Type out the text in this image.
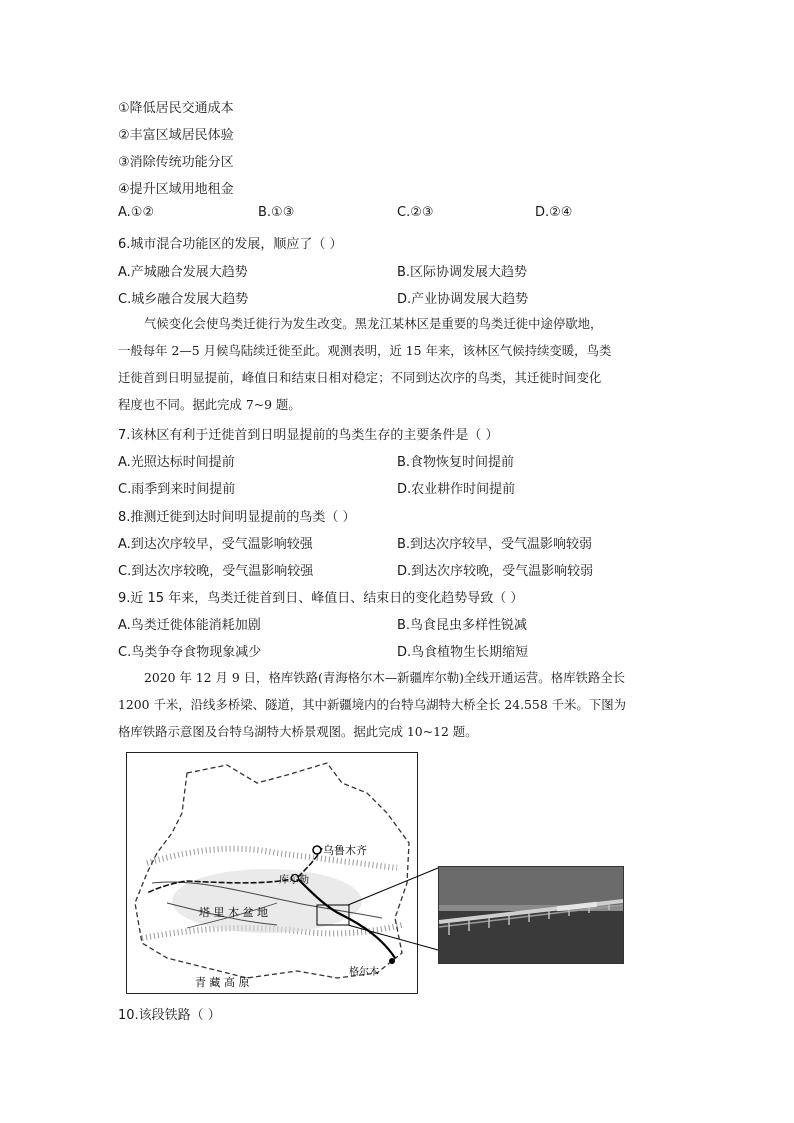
①降低居民交通成本
②丰富区域居民体验
③消除传统功能分区
④提升区域用地租金
A.①②	B.①③	C.②③	D.②④
6.城市混合功能区的发展，顺应了（ ）
A.产城融合发展大趋势	B.区际协调发展大趋势
C.城乡融合发展大趋势	D.产业协调发展大趋势
气候变化会使鸟类迁徙行为发生改变。黑龙江某林区是重要的鸟类迁徙中途停歇地，
一般每年 2—5 月候鸟陆续迁徙至此。观测表明，近 15 年来，该林区气候持续变暖，鸟类
迁徙首到日明显提前，峰值日和结束日相对稳定；不同到达次序的鸟类，其迁徙时间变化
程度也不同。据此完成 7~9 题。
7.该林区有利于迁徙首到日明显提前的鸟类生存的主要条件是（ ）
A.光照达标时间提前	B.食物恢复时间提前
C.雨季到来时间提前	D.农业耕作时间提前
8.推测迁徙到达时间明显提前的鸟类（ ）
A.到达次序较早，受气温影响较强	B.到达次序较早，受气温影响较弱
C.到达次序较晚，受气温影响较强	D.到达次序较晚，受气温影响较弱
9.近 15 年来，鸟类迁徙首到日、峰值日、结束日的变化趋势导致（ ）
A.鸟类迁徙体能消耗加剧	B.鸟食昆虫多样性锐减
C.鸟类争夺食物现象减少	D.鸟食植物生长期缩短
2020 年 12 月 9 日，格库铁路(青海格尔木—新疆库尔勒)全线开通运营。格库铁路全长
1200 千米，沿线多桥梁、隧道，其中新疆境内的台特乌湖特大桥全长 24.558 千米。下图为
格库铁路示意图及台特乌湖特大桥景观图。据此完成 10~12 题。
乌鲁木齐
库尔勒
塔 里 木 盆 地
青 藏 高 原
格尔木
10.该段铁路（ ）
